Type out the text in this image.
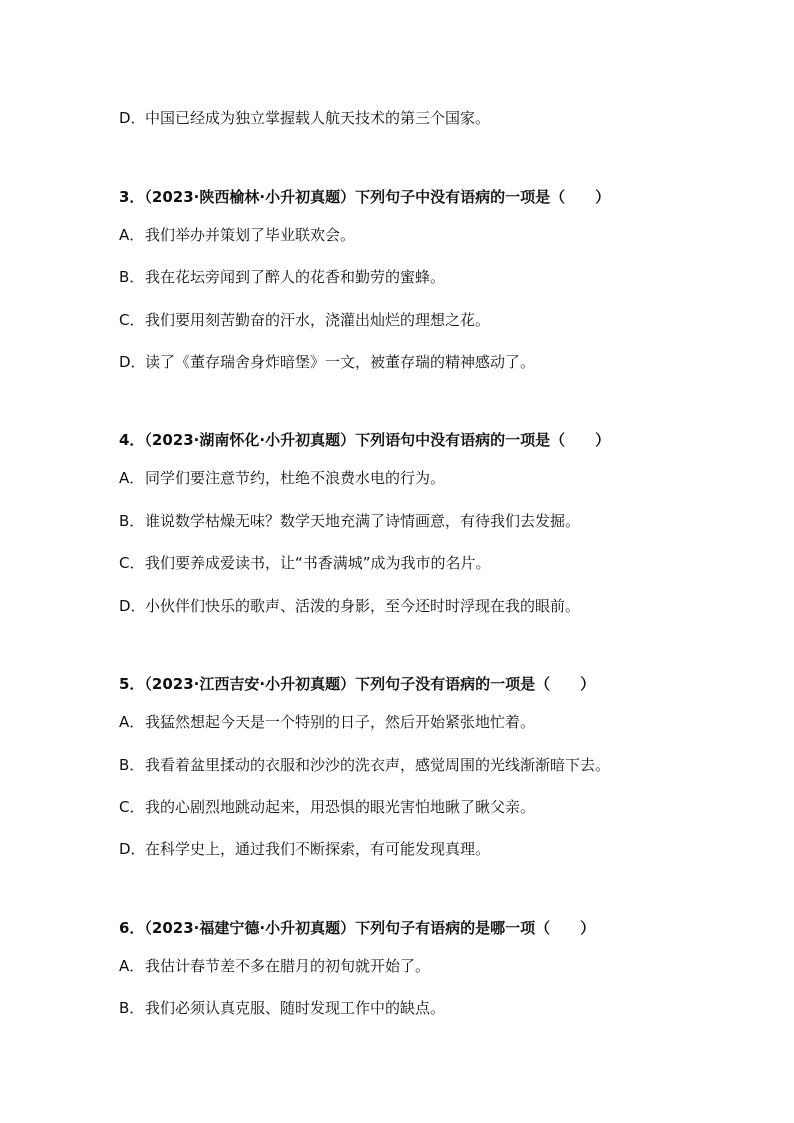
D．中国已经成为独立掌握载人航天技术的第三个国家。
3．（2023·陕西榆林·小升初真题）下列句子中没有语病的一项是（　　）
A．我们举办并策划了毕业联欢会。
B．我在花坛旁闻到了醉人的花香和勤劳的蜜蜂。
C．我们要用刻苦勤奋的汗水，浇灌出灿烂的理想之花。
D．读了《董存瑞舍身炸暗堡》一文，被董存瑞的精神感动了。
4．（2023·湖南怀化·小升初真题）下列语句中没有语病的一项是（　　）
A．同学们要注意节约，杜绝不浪费水电的行为。
B．谁说数学枯燥无味？数学天地充满了诗情画意，有待我们去发掘。
C．我们要养成爱读书，让“书香满城”成为我市的名片。
D．小伙伴们快乐的歌声、活泼的身影，至今还时时浮现在我的眼前。
5．（2023·江西吉安·小升初真题）下列句子没有语病的一项是（　　）
A．我猛然想起今天是一个特别的日子，然后开始紧张地忙着。
B．我看着盆里揉动的衣服和沙沙的洗衣声，感觉周围的光线渐渐暗下去。
C．我的心剧烈地跳动起来，用恐惧的眼光害怕地瞅了瞅父亲。
D．在科学史上，通过我们不断探索，有可能发现真理。
6．（2023·福建宁德·小升初真题）下列句子有语病的是哪一项（　　）
A．我估计春节差不多在腊月的初旬就开始了。
B．我们必须认真克服、随时发现工作中的缺点。
